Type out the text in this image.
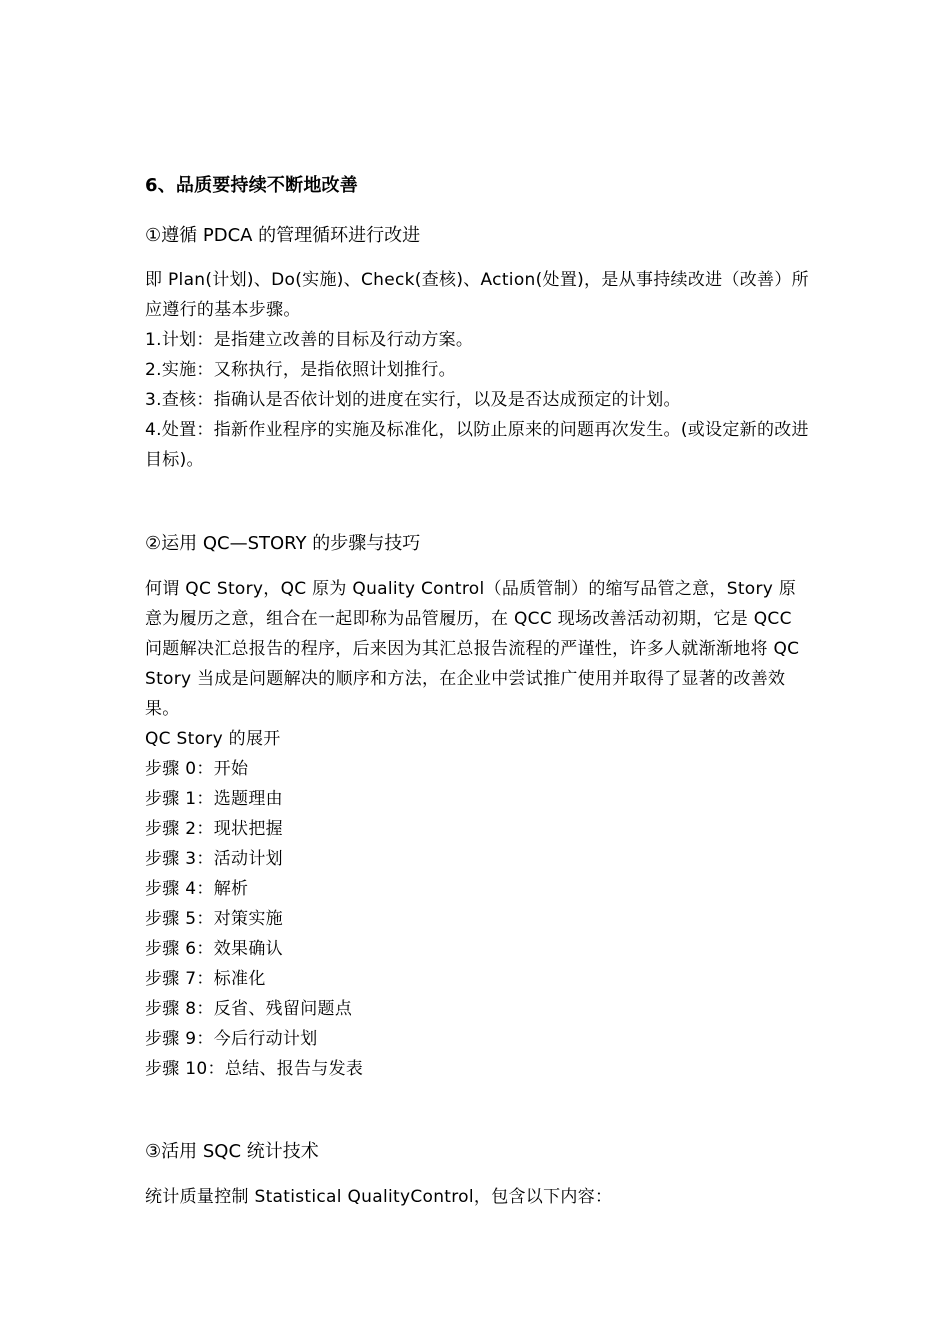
6、品质要持续不断地改善
①遵循 PDCA 的管理循环进行改进

即 Plan(计划)、Do(实施)、Check(查核)、Action(处置)，是从事持续改进（改善）所应遵行的基本步骤。

1.计划：是指建立改善的目标及行动方案。

2.实施：又称执行，是指依照计划推行。

3.查核：指确认是否依计划的进度在实行，以及是否达成预定的计划。

4.处置：指新作业程序的实施及标准化，以防止原来的问题再次发生。(或设定新的改进目标)。

②运用 QC—STORY 的步骤与技巧

何谓 QC Story，QC 原为 Quality Control（品质管制）的缩写品管之意，Story 原意为履历之意，组合在一起即称为品管履历，在 QCC 现场改善活动初期，它是 QCC 问题解决汇总报告的程序，后来因为其汇总报告流程的严谨性，许多人就渐渐地将 QC Story 当成是问题解决的顺序和方法，在企业中尝试推广使用并取得了显著的改善效果。

QC Story 的展开
步骤 0：开始
步骤 1：选题理由
步骤 2：现状把握
步骤 3：活动计划
步骤 4：解析
步骤 5：对策实施
步骤 6：效果确认
步骤 7：标准化
步骤 8：反省、残留问题点
步骤 9：今后行动计划
步骤 10：总结、报告与发表
③活用 SQC 统计技术

统计质量控制 Statistical QualityControl，包含以下内容：
